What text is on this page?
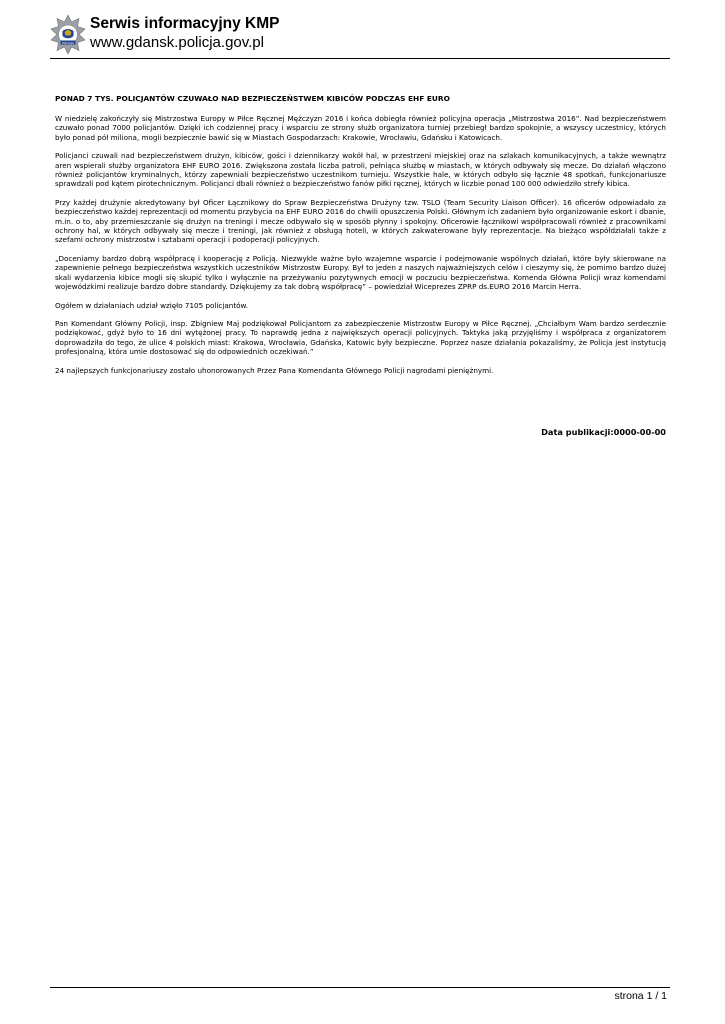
POLICJA
Serwis informacyjny KMP
www.gdansk.policja.gov.pl
PONAD 7 TYS. POLICJANTÓW CZUWAŁO NAD BEZPIECZEŃSTWEM KIBICÓW PODCZAS EHF EURO

W niedzielę zakończyły się Mistrzostwa Europy w Piłce Ręcznej Mężczyzn 2016 i końca dobiegła również policyjna operacja „Mistrzostwa 2016”. Nad bezpieczeństwem czuwało ponad 7000 policjantów. Dzięki ich codziennej pracy i wsparciu ze strony służb organizatora turniej przebiegł bardzo spokojnie, a wszyscy uczestnicy, których było ponad pół miliona, mogli bezpiecznie bawić się w Miastach Gospodarzach: Krakowie, Wrocławiu, Gdańsku i Katowicach.

Policjanci czuwali nad bezpieczeństwem drużyn, kibiców, gości i dziennikarzy wokół hal, w przestrzeni miejskiej oraz na szlakach komunikacyjnych, a także wewnątrz aren wspierali służby organizatora EHF EURO 2016. Zwiększona została liczba patroli, pełniąca służbę w miastach, w których odbywały się mecze. Do działań włączono również policjantów kryminalnych, którzy zapewniali bezpieczeństwo uczestnikom turnieju. Wszystkie hale, w których odbyło się łącznie 48 spotkań, funkcjonariusze sprawdzali pod kątem pirotechnicznym. Policjanci dbali również o bezpieczeństwo fanów piłki ręcznej, których w liczbie ponad 100 000 odwiedziło strefy kibica.

Przy każdej drużynie akredytowany był Oficer Łącznikowy do Spraw Bezpieczeństwa Drużyny tzw. TSLO (Team Security Liaison Officer). 16 oficerów odpowiadało za bezpieczeństwo każdej reprezentacji od momentu przybycia na EHF EURO 2016 do chwili opuszczenia Polski. Głównym ich zadaniem było organizowanie eskort i dbanie, m.in. o to, aby przemieszczanie się drużyn na treningi i mecze odbywało się w sposób płynny i spokojny. Oficerowie łącznikowi współpracowali również z pracownikami ochrony hal, w których odbywały się mecze i treningi, jak również z obsługą hoteli, w których zakwaterowane były reprezentacje. Na bieżąco współdziałali także z szefami ochrony mistrzostw i sztabami operacji i podoperacji policyjnych.

„Doceniamy bardzo dobrą współpracę i kooperację z Policją. Niezwykle ważne było wzajemne wsparcie i podejmowanie wspólnych działań, które były skierowane na zapewnienie pełnego bezpieczeństwa wszystkich uczestników Mistrzostw Europy. Był to jeden z naszych najważniejszych celów i cieszymy się, że pomimo bardzo dużej skali wydarzenia kibice mogli się skupić tylko i wyłącznie na przeżywaniu pozytywnych emocji w poczuciu bezpieczeństwa. Komenda Główna Policji wraz komendami wojewódzkimi realizuje bardzo dobre standardy. Dziękujemy za tak dobrą współpracę” – powiedział Wiceprezes ZPRP ds.EURO 2016 Marcin Herra.

Ogółem w działaniach udział wzięło 7105 policjantów.

Pan Komendant Główny Policji, insp. Zbigniew Maj podziękował Policjantom za zabezpieczenie Mistrzostw Europy w Piłce Ręcznej. „Chciałbym Wam bardzo serdecznie podziękować, gdyż było to 16 dni wytężonej pracy. To naprawdę jedna z największych operacji policyjnych. Taktyka jaką przyjęliśmy i współpraca z organizatorem doprowadziła do tego, że ulice 4 polskich miast: Krakowa, Wrocławia, Gdańska, Katowic były bezpieczne. Poprzez nasze działania pokazaliśmy, że Policja jest instytucją profesjonalną, która umie dostosować się do odpowiednich oczekiwań.”

24 najlepszych funkcjonariuszy zostało uhonorowanych Przez Pana Komendanta Głównego Policji nagrodami pieniężnymi.

Data publikacji:0000-00-00
strona 1 / 1
